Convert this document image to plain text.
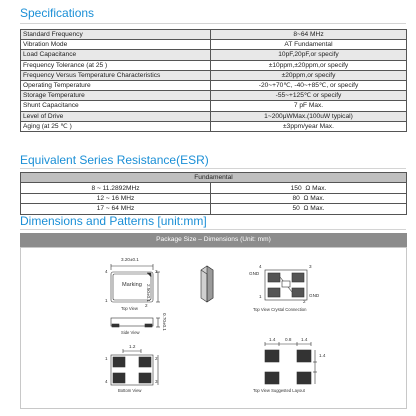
Specifications
Standard Frequency	8~64 MHz
Vibration Mode	AT Fundamental
Load Capacitance	10pF,20pF,or specify
Frequency Tolerance (at 25 )	±10ppm,±20ppm,or specify
Frequency Versus Temperature Characteristics	±20ppm,or specify
Operating Temperature	-20~+70℃, -40~+85℃, or specify
Storage Temperature	-55~+125℃ or specify
Shunt Capacitance	7 pF Max.
Level of Drive	1~200μWMax.(100uW typical)
Aging (at 25 ℃ )	±3ppm/year Max.
Equivalent Series Resistance(ESR)
Fundamental	
8 ~ 11.2892MHz	150 Ω Max.
12 ~ 16 MHz	80 Ω Max.
17 ~ 64 MHz	50 Ω Max.
Dimensions and Patterns [unit:mm]
Package Size – Dimensions (Unit: mm)
3.20±0.1
2.50±0.1
Marking
4	3
1
2
Top View
0.70±0.1
Side View
GND
GND
4	3
1
2
Top View Crystal Connection
1.2
1	2
4	3
Bottom View
1.4 0.8 1.4
1.4
Top View Suggested Layout
